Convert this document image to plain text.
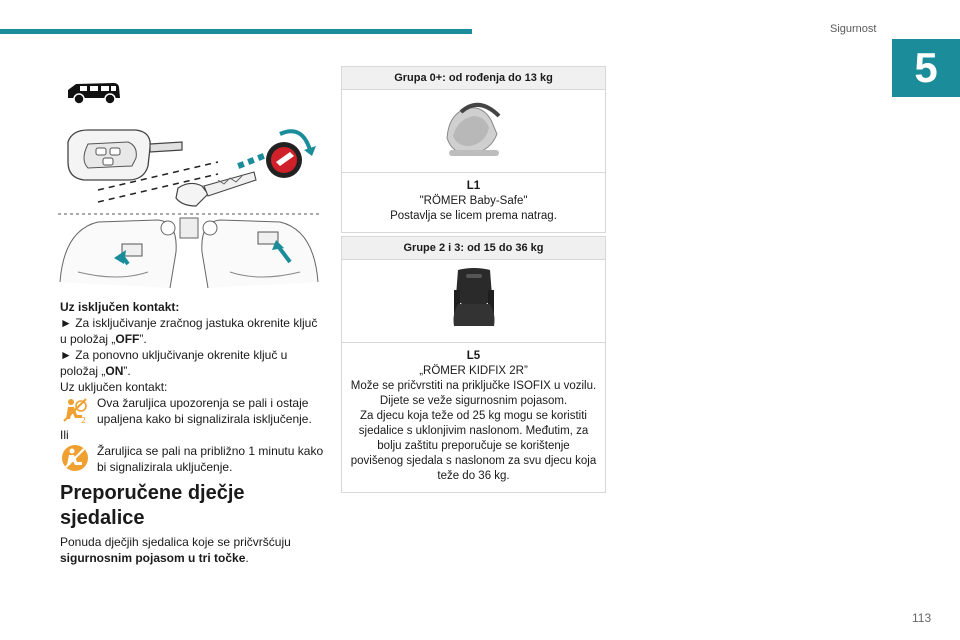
Sigurnost
5

Uz isključen kontakt:

► Za isključivanje zračnog jastuka okrenite ključ u položaj „OFF”.

► Za ponovno uključivanje okrenite ključ u položaj „ON”.

Uz uključen kontakt:

2
Ova žaruljica upozorenja se pali i ostaje upaljena kako bi signalizirala isključenje.

Ili

Žaruljica se pali na približno 1 minutu kako bi signalizirala uključenje.
Preporučene dječje sjedalice
Ponuda dječjih sjedalica koje se pričvršćuju sigurnosnim pojasom u tri točke.
Grupa 0+: od rođenja do 13 kg
L1
"RÖMER Baby-Safe"
Postavlja se licem prema natrag.
Grupe 2 i 3: od 15 do 36 kg
L5
„RÖMER KIDFIX 2R”
Može se pričvrstiti na priključke ISOFIX u vozilu.
Dijete se veže sigurnosnim pojasom.
Za djecu koja teže od 25 kg mogu se koristiti sjedalice s uklonjivim naslonom. Međutim, za bolju zaštitu preporučuje se korištenje povišenog sjedala s naslonom za svu djecu koja teže do 36 kg.
113
